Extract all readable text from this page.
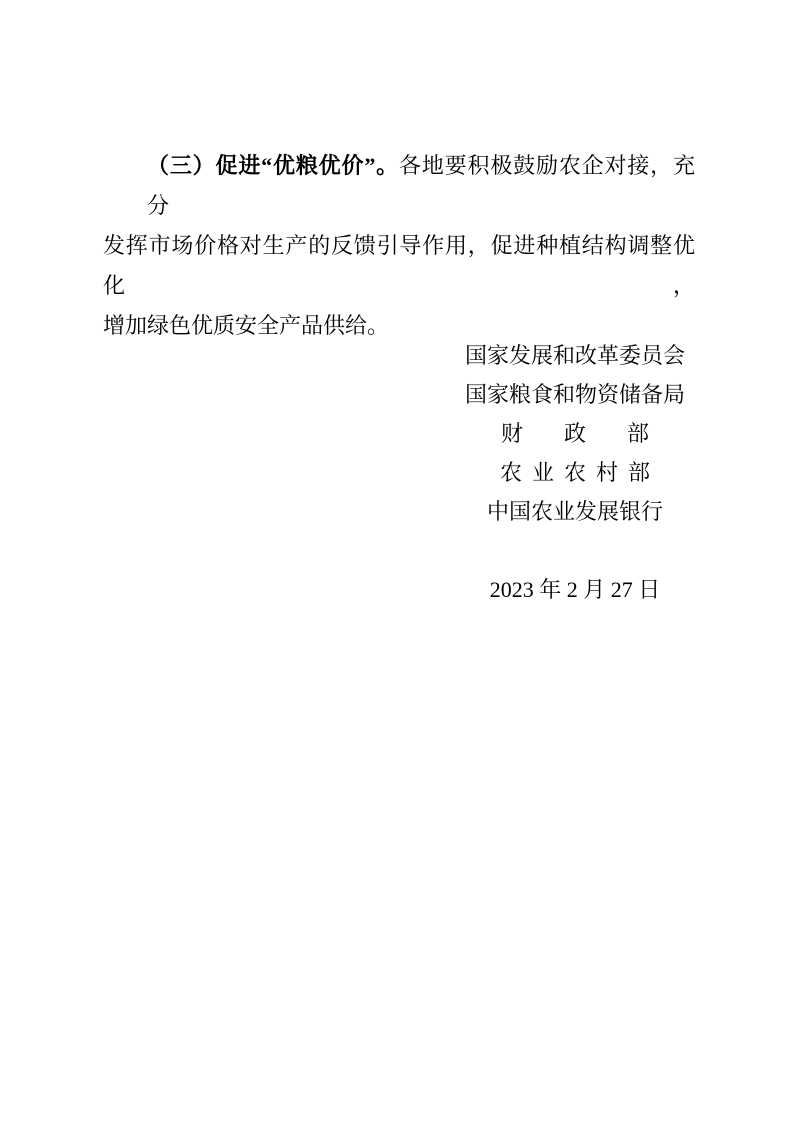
（三）促进“优粮优价”。各地要积极鼓励农企对接，充分
发挥市场价格对生产的反馈引导作用，促进种植结构调整优化，
增加绿色优质安全产品供给。
国家发展和改革委员会
国家粮食和物资储备局
财 政 部
农 业 农 村 部
中国农业发展银行
2023 年 2 月 27 日
